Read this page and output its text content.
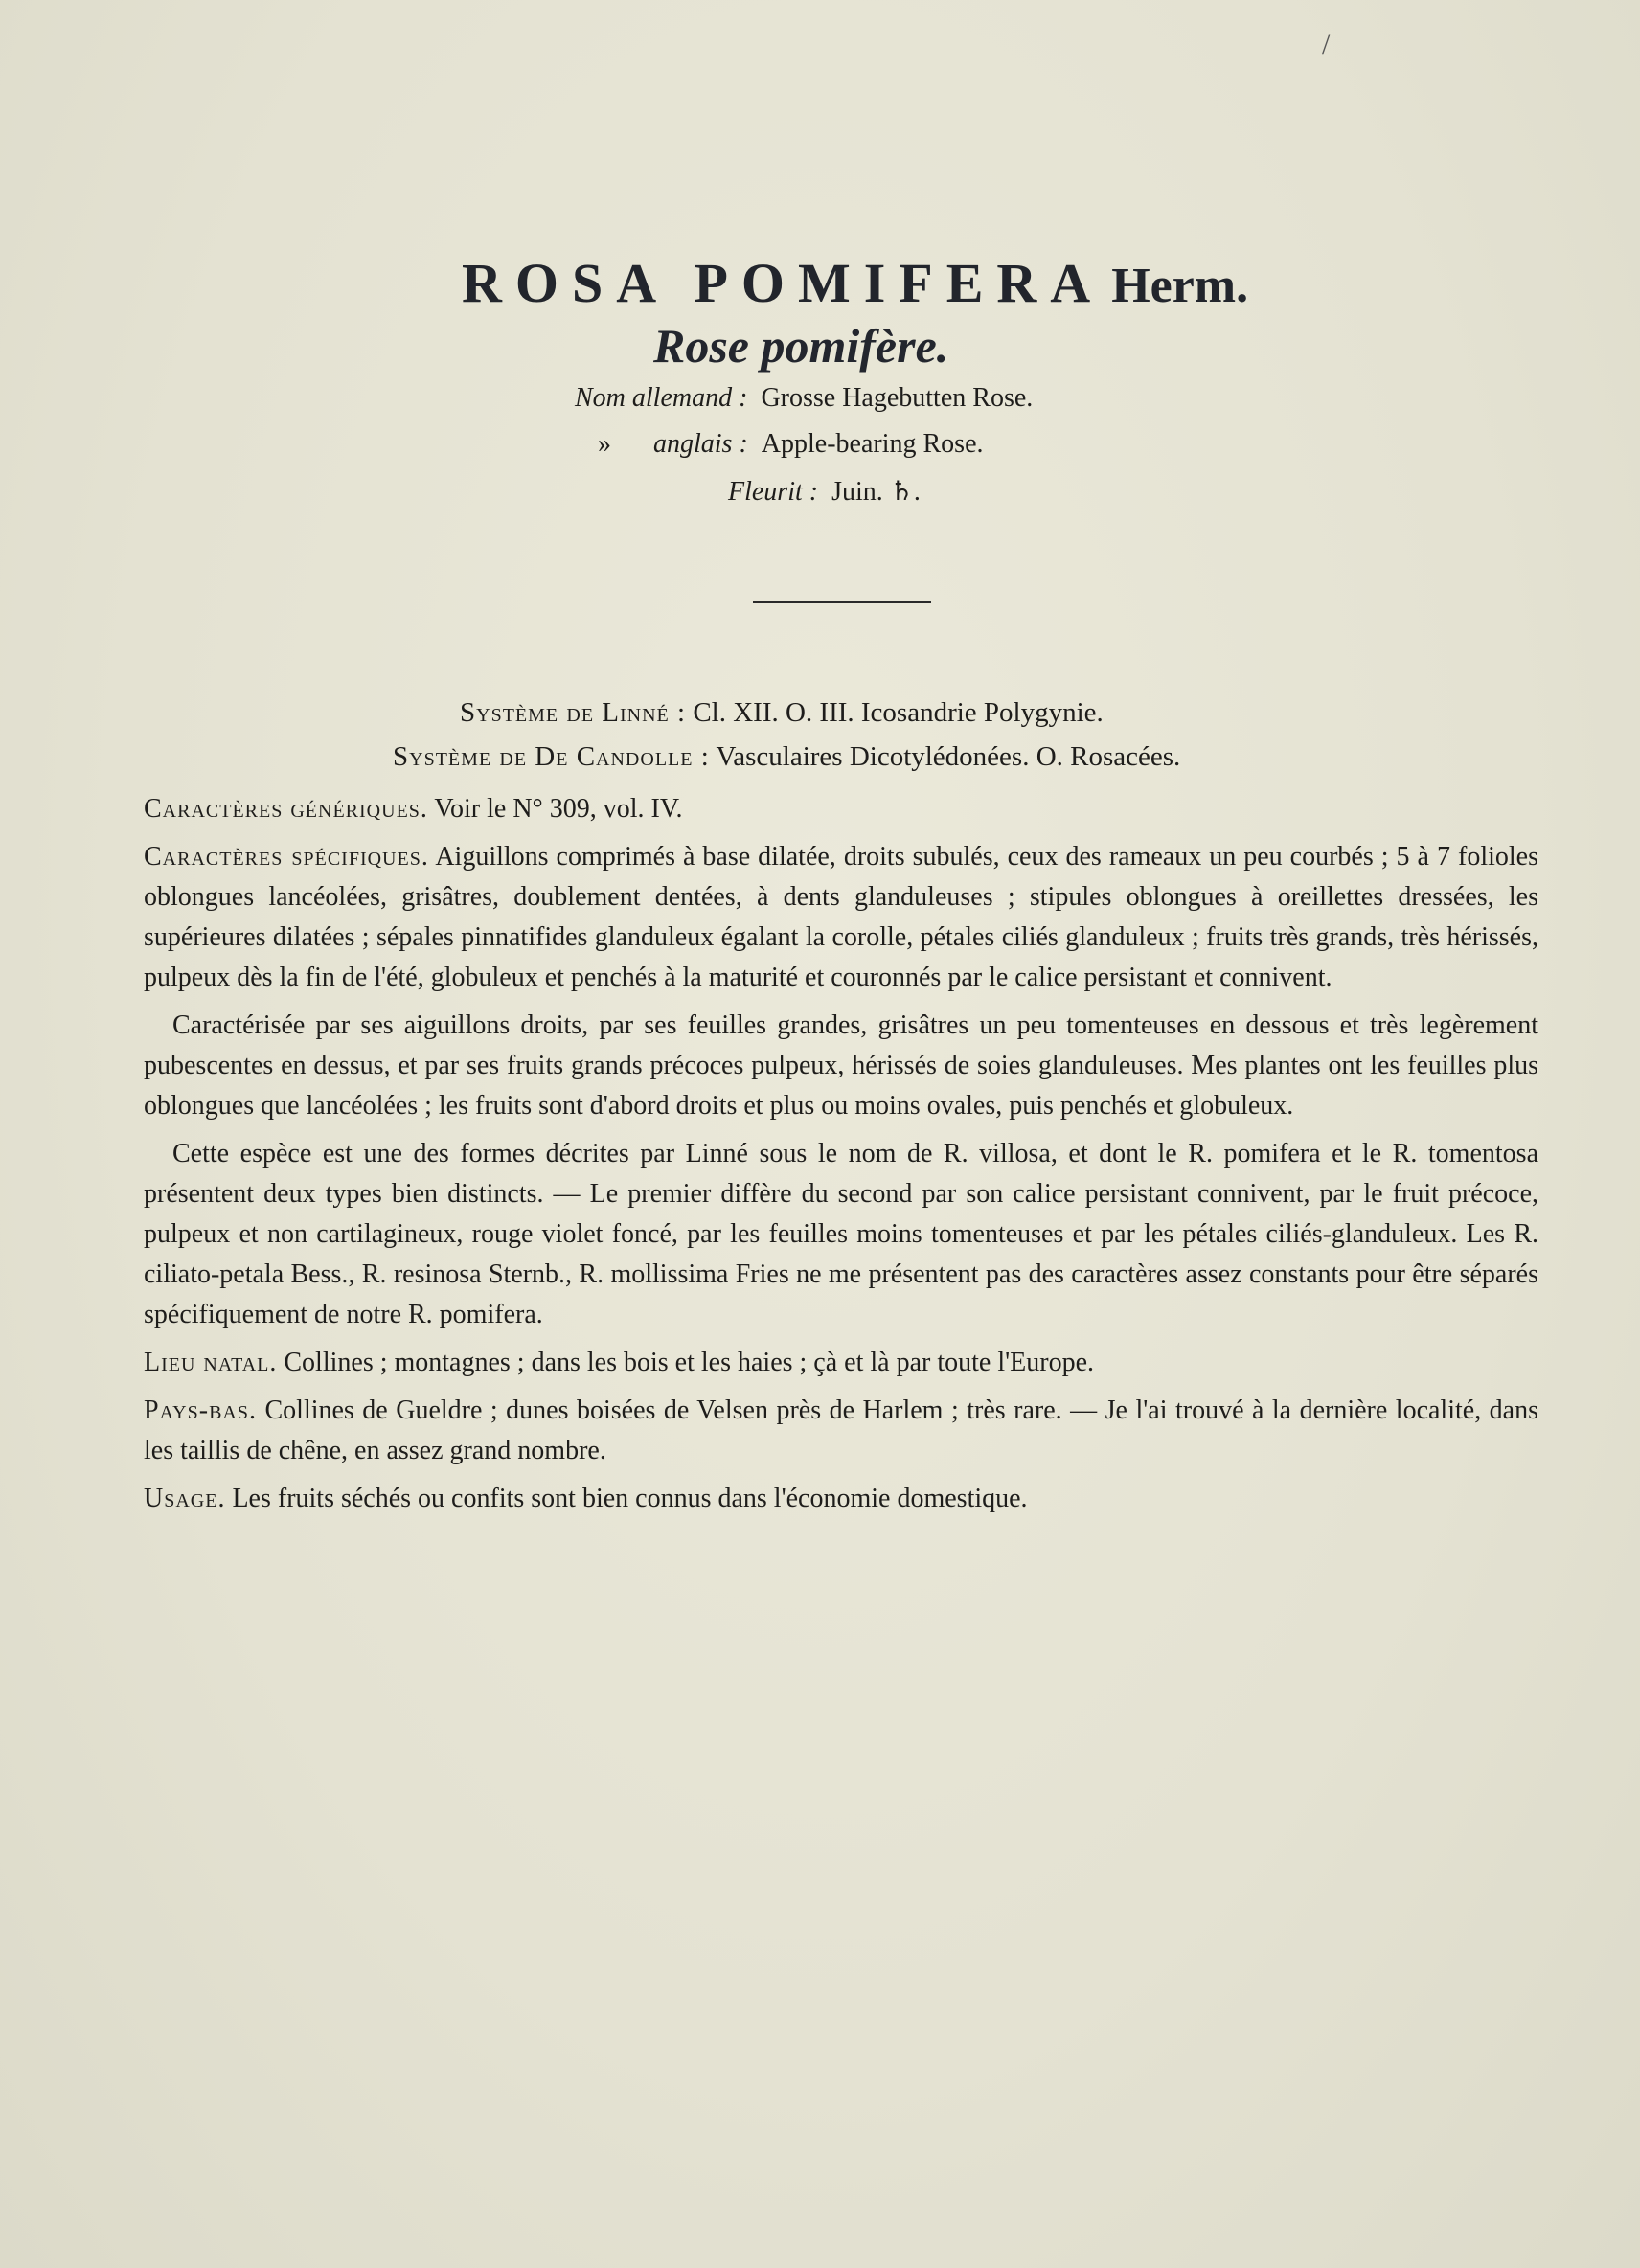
/
ROSA POMIFERA Herm.
Rose pomifère.
Nom allemand : Grosse Hagebutten Rose.
» anglais : Apple-bearing Rose.
Fleurit : Juin. ♄.
Système de Linné : Cl. XII. O. III. Icosandrie Polygynie.
Système de De Candolle : Vasculaires Dicotylédonées. O. Rosacées.

Caractères génériques. Voir le N° 309, vol. IV.

Caractères spécifiques. Aiguillons comprimés à base dilatée, droits subulés, ceux des rameaux un peu courbés ; 5 à 7 folioles oblongues lancéolées, grisâtres, doublement dentées, à dents glanduleuses ; stipules oblongues à oreillettes dressées, les supérieures dilatées ; sépales pinnatifides glanduleux égalant la corolle, pétales ciliés glanduleux ; fruits très grands, très hérissés, pulpeux dès la fin de l'été, globuleux et penchés à la maturité et couronnés par le calice persistant et connivent.

Caractérisée par ses aiguillons droits, par ses feuilles grandes, grisâtres un peu tomenteuses en dessous et très legèrement pubescentes en dessus, et par ses fruits grands précoces pulpeux, hérissés de soies glanduleuses. Mes plantes ont les feuilles plus oblongues que lancéolées ; les fruits sont d'abord droits et plus ou moins ovales, puis penchés et globuleux.

Cette espèce est une des formes décrites par Linné sous le nom de R. villosa, et dont le R. pomifera et le R. tomentosa présentent deux types bien distincts. — Le premier diffère du second par son calice persistant connivent, par le fruit précoce, pulpeux et non cartilagineux, rouge violet foncé, par les feuilles moins tomenteuses et par les pétales ciliés-glanduleux. Les R. ciliato-petala Bess., R. resinosa Sternb., R. mollissima Fries ne me présentent pas des caractères assez constants pour être séparés spécifiquement de notre R. pomifera.

Lieu natal. Collines ; montagnes ; dans les bois et les haies ; çà et là par toute l'Europe.

Pays-bas. Collines de Gueldre ; dunes boisées de Velsen près de Harlem ; très rare. — Je l'ai trouvé à la dernière localité, dans les taillis de chêne, en assez grand nombre.

Usage. Les fruits séchés ou confits sont bien connus dans l'économie domestique.
